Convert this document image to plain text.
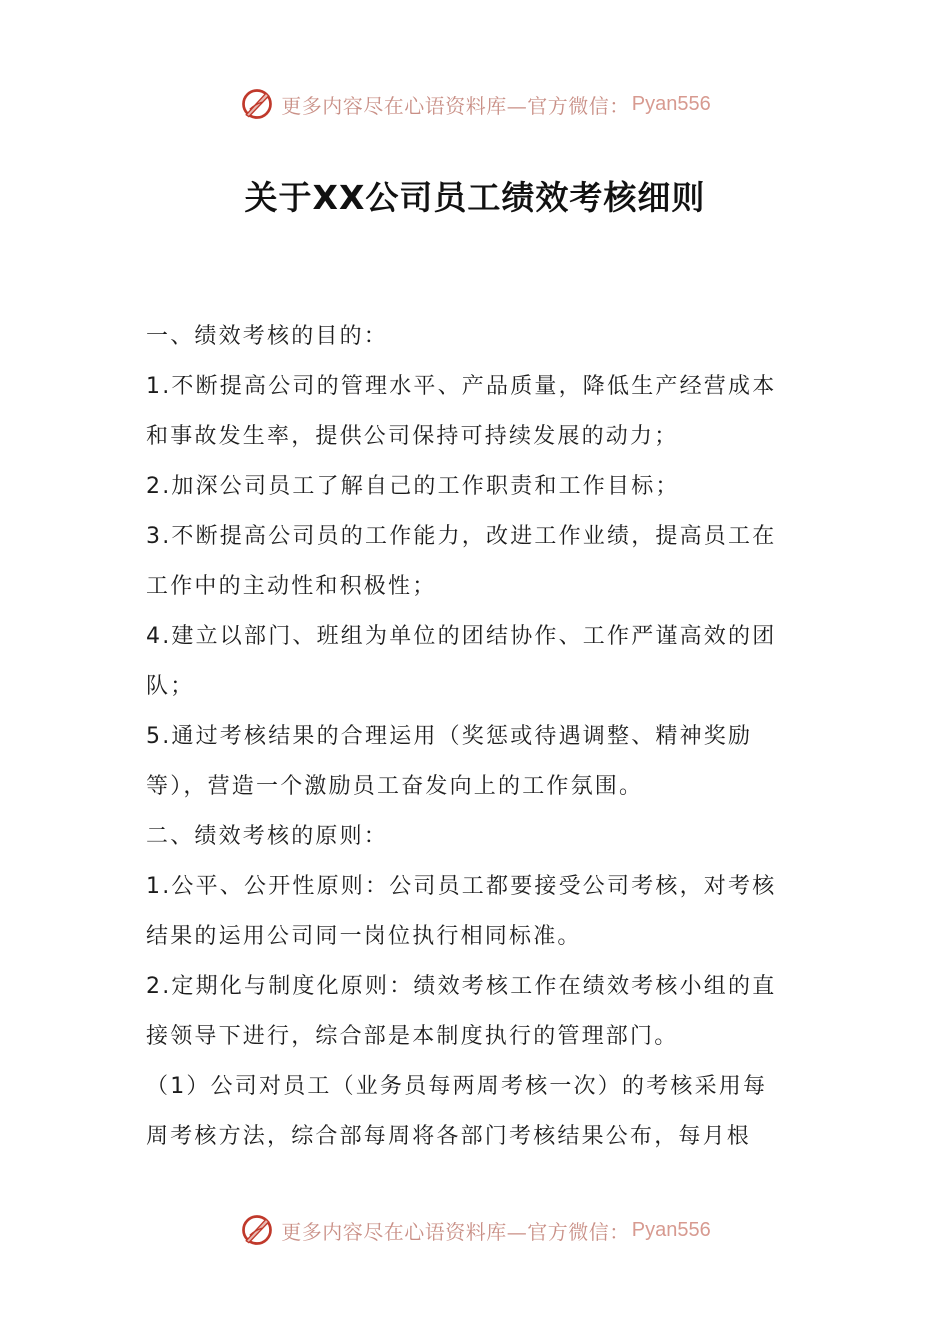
更多内容尽在心语资料库—官方微信： Pyan556
关于XX公司员工绩效考核细则
一、绩效考核的目的：
1.不断提高公司的管理水平、产品质量，降低生产经营成本
和事故发生率，提供公司保持可持续发展的动力；
2.加深公司员工了解自己的工作职责和工作目标；
3.不断提高公司员的工作能力，改进工作业绩，提高员工在
工作中的主动性和积极性；
4.建立以部门、班组为单位的团结协作、工作严谨高效的团
队；
5.通过考核结果的合理运用（奖惩或待遇调整、精神奖励
等），营造一个激励员工奋发向上的工作氛围。
二、绩效考核的原则：
1.公平、公开性原则：公司员工都要接受公司考核，对考核
结果的运用公司同一岗位执行相同标准。
2.定期化与制度化原则：绩效考核工作在绩效考核小组的直
接领导下进行，综合部是本制度执行的管理部门。
（1）公司对员工（业务员每两周考核一次）的考核采用每
周考核方法，综合部每周将各部门考核结果公布，每月根
更多内容尽在心语资料库—官方微信： Pyan556
